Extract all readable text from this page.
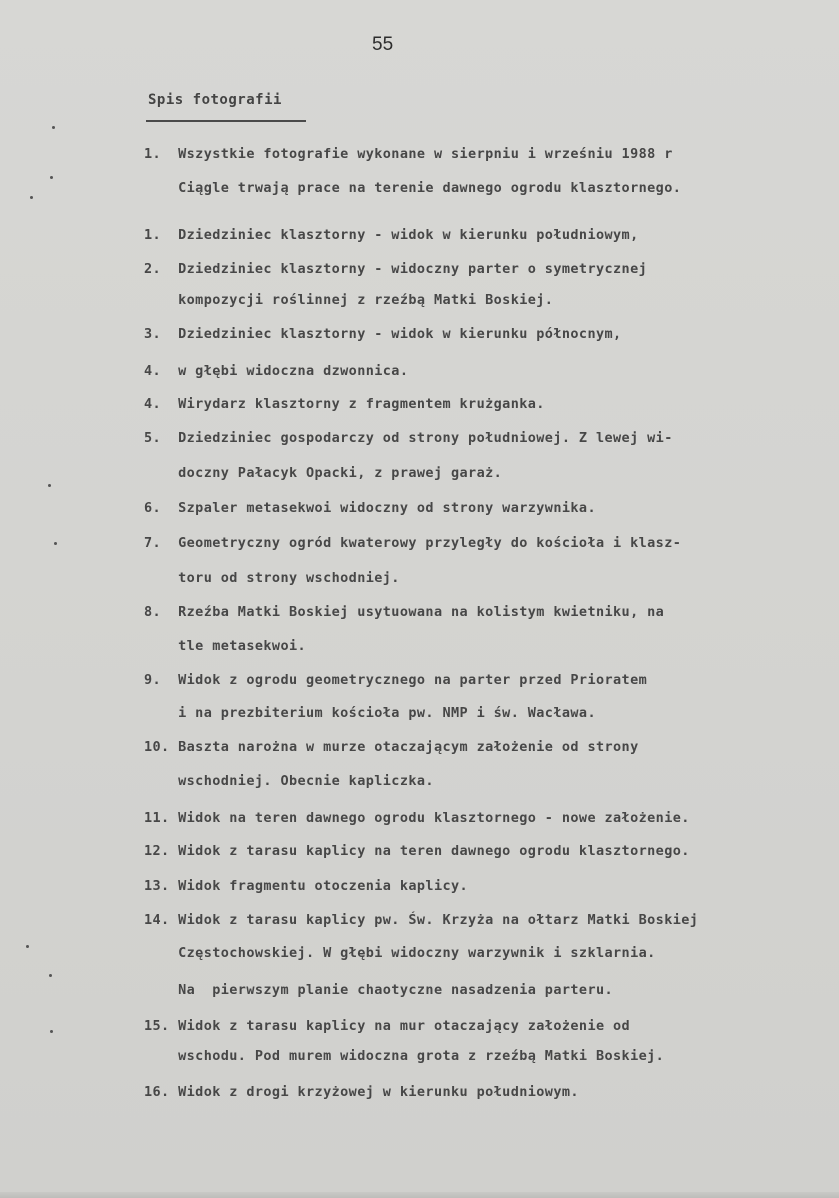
55
Spis fotografii
1.  Wszystkie fotografie wykonane w sierpniu i wrześniu 1988 r
Ciągle trwają prace na terenie dawnego ogrodu klasztornego.
1.  Dziedziniec klasztorny - widok w kierunku południowym,
2.  Dziedziniec klasztorny - widoczny parter o symetrycznej
kompozycji roślinnej z rzeźbą Matki Boskiej.
3.  Dziedziniec klasztorny - widok w kierunku północnym,
4.  w głębi widoczna dzwonnica.
4.  Wirydarz klasztorny z fragmentem krużganka.
5.  Dziedziniec gospodarczy od strony południowej. Z lewej wi-
doczny Pałacyk Opacki, z prawej garaż.
6.  Szpaler metasekwoi widoczny od strony warzywnika.
7.  Geometryczny ogród kwaterowy przyległy do kościoła i klasz-
toru od strony wschodniej.
8.  Rzeźba Matki Boskiej usytuowana na kolistym kwietniku, na
tle metasekwoi.
9.  Widok z ogrodu geometrycznego na parter przed Prioratem
i na prezbiterium kościoła pw. NMP i św. Wacława.
10. Baszta narożna w murze otaczającym założenie od strony
wschodniej. Obecnie kapliczka.
11. Widok na teren dawnego ogrodu klasztornego - nowe założenie.
12. Widok z tarasu kaplicy na teren dawnego ogrodu klasztornego.
13. Widok fragmentu otoczenia kaplicy.
14. Widok z tarasu kaplicy pw. Św. Krzyża na ołtarz Matki Boskiej
Częstochowskiej. W głębi widoczny warzywnik i szklarnia.
Na  pierwszym planie chaotyczne nasadzenia parteru.
15. Widok z tarasu kaplicy na mur otaczający założenie od
wschodu. Pod murem widoczna grota z rzeźbą Matki Boskiej.
16. Widok z drogi krzyżowej w kierunku południowym.
